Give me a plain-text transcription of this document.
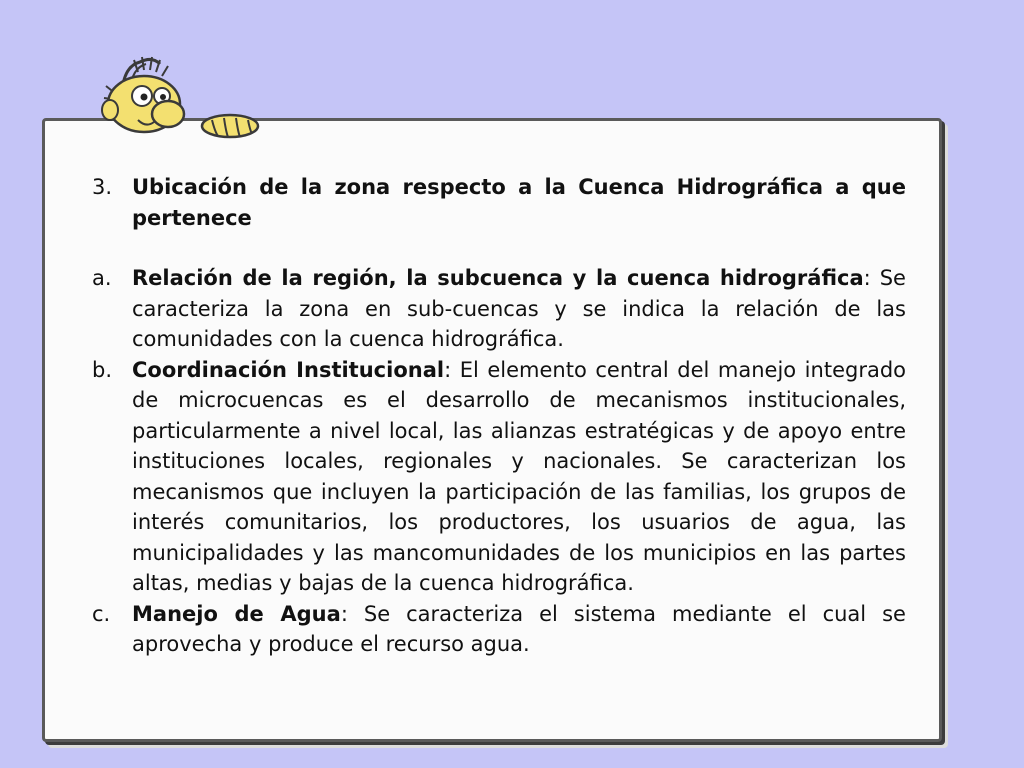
3. Ubicación de la zona respecto a la Cuenca Hidrográfica a que pertenece
a. Relación de la región, la subcuenca y la cuenca hidrográfica: Se caracteriza la zona en sub-cuencas y se indica la relación de las comunidades con la cuenca hidrográfica.
b. Coordinación Institucional: El elemento central del manejo integrado de microcuencas es el desarrollo de mecanismos institucionales, particularmente a nivel local, las alianzas estratégicas y de apoyo entre instituciones locales, regionales y nacionales. Se caracterizan los mecanismos que incluyen la participación de las familias, los grupos de interés comunitarios, los productores, los usuarios de agua, las municipalidades y las mancomunidades de los municipios en las partes altas, medias y bajas de la cuenca hidrográfica.
c.	Manejo de Agua: Se caracteriza el sistema mediante el cual se aprovecha y produce el recurso agua.
